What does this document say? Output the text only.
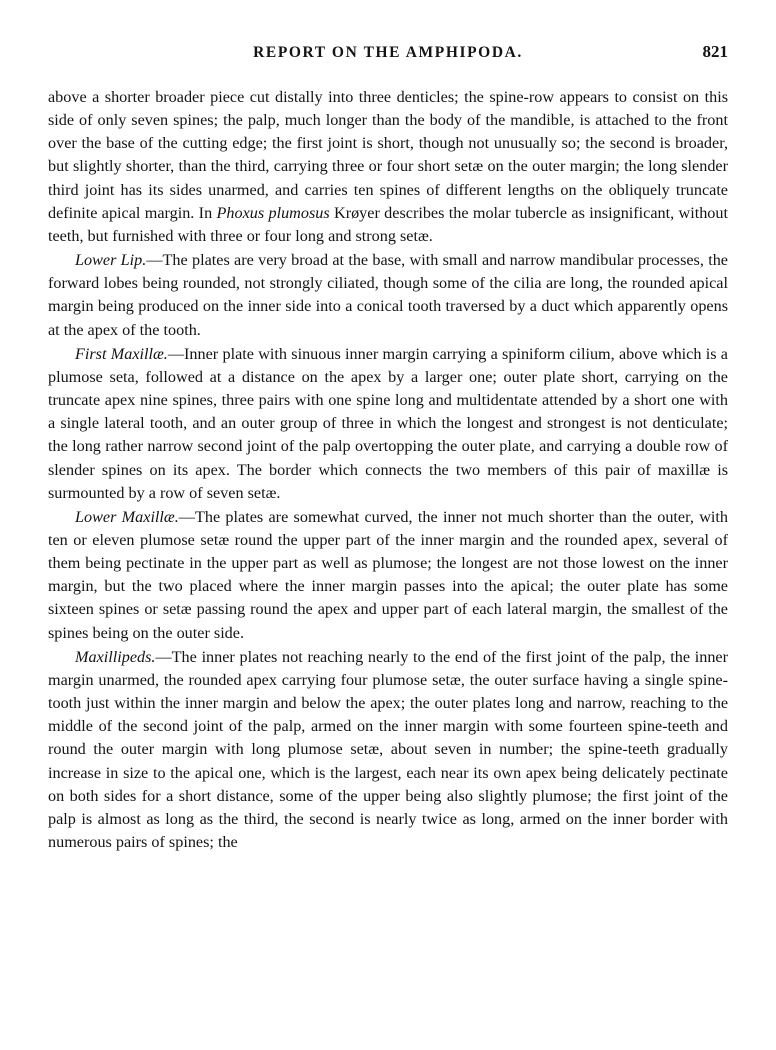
REPORT ON THE AMPHIPODA.	821

above a shorter broader piece cut distally into three denticles; the spine-row appears to consist on this side of only seven spines; the palp, much longer than the body of the mandible, is attached to the front over the base of the cutting edge; the first joint is short, though not unusually so; the second is broader, but slightly shorter, than the third, carrying three or four short setæ on the outer margin; the long slender third joint has its sides unarmed, and carries ten spines of different lengths on the obliquely truncate definite apical margin. In Phoxus plumosus Krøyer describes the molar tubercle as insignificant, without teeth, but furnished with three or four long and strong setæ.

Lower Lip.—The plates are very broad at the base, with small and narrow mandibular processes, the forward lobes being rounded, not strongly ciliated, though some of the cilia are long, the rounded apical margin being produced on the inner side into a conical tooth traversed by a duct which apparently opens at the apex of the tooth.

First Maxillæ.—Inner plate with sinuous inner margin carrying a spiniform cilium, above which is a plumose seta, followed at a distance on the apex by a larger one; outer plate short, carrying on the truncate apex nine spines, three pairs with one spine long and multidentate attended by a short one with a single lateral tooth, and an outer group of three in which the longest and strongest is not denticulate; the long rather narrow second joint of the palp overtopping the outer plate, and carrying a double row of slender spines on its apex. The border which connects the two members of this pair of maxillæ is surmounted by a row of seven setæ.

Lower Maxillæ.—The plates are somewhat curved, the inner not much shorter than the outer, with ten or eleven plumose setæ round the upper part of the inner margin and the rounded apex, several of them being pectinate in the upper part as well as plumose; the longest are not those lowest on the inner margin, but the two placed where the inner margin passes into the apical; the outer plate has some sixteen spines or setæ passing round the apex and upper part of each lateral margin, the smallest of the spines being on the outer side.

Maxillipeds.—The inner plates not reaching nearly to the end of the first joint of the palp, the inner margin unarmed, the rounded apex carrying four plumose setæ, the outer surface having a single spine-tooth just within the inner margin and below the apex; the outer plates long and narrow, reaching to the middle of the second joint of the palp, armed on the inner margin with some fourteen spine-teeth and round the outer margin with long plumose setæ, about seven in number; the spine-teeth gradually increase in size to the apical one, which is the largest, each near its own apex being delicately pectinate on both sides for a short distance, some of the upper being also slightly plumose; the first joint of the palp is almost as long as the third, the second is nearly twice as long, armed on the inner border with numerous pairs of spines; the
